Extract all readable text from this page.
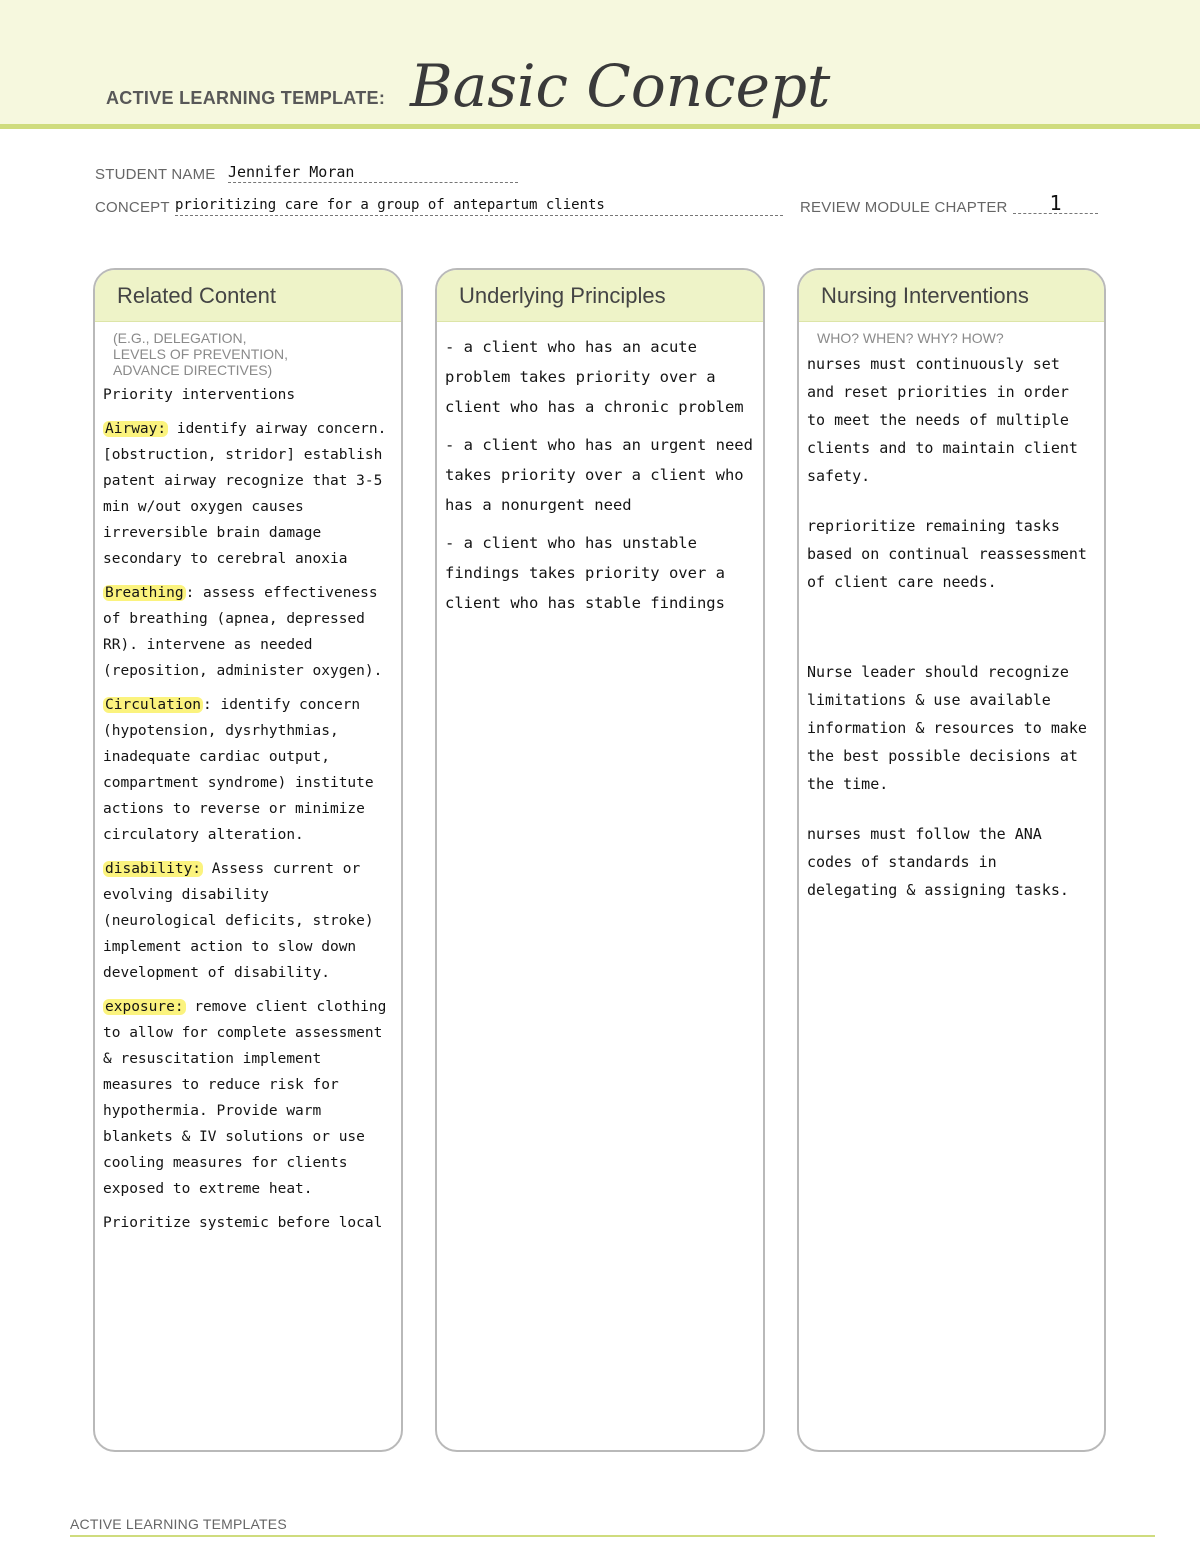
ACTIVE LEARNING TEMPLATE: Basic Concept
STUDENT NAME Jennifer Moran
CONCEPT prioritizing care for a group of antepartum clients	REVIEW MODULE CHAPTER	1
Related Content
(E.G., DELEGATION,
LEVELS OF PREVENTION,
ADVANCE DIRECTIVES)

Priority interventions

Airway: identify airway concern. [obstruction, stridor] establish patent airway recognize that 3-5 min w/out oxygen causes irreversible brain damage secondary to cerebral anoxia

Breathing : assess effectiveness of breathing (apnea, depressed RR). intervene as needed (reposition, administer oxygen).

Circulation : identify concern (hypotension, dysrhythmias, inadequate cardiac output, compartment syndrome) institute actions to reverse or minimize circulatory alteration.

disability: Assess current or evolving disability (neurological deficits, stroke) implement action to slow down development of disability.

exposure: remove client clothing to allow for complete assessment & resuscitation implement measures to reduce risk for hypothermia. Provide warm blankets & IV solutions or use cooling measures for clients exposed to extreme heat.

Prioritize systemic before local

Underlying Principles

- a client who has an acute problem takes priority over a client who has a chronic problem

- a client who has an urgent need takes priority over a client who has a nonurgent need

- a client who has unstable findings takes priority over a client who has stable findings

Nursing Interventions
WHO? WHEN? WHY? HOW?

nurses must continuously set and reset priorities in order to meet the needs of multiple clients and to maintain client safety.

reprioritize remaining tasks based on continual reassessment of client care needs.

Nurse leader should recognize limitations & use available information & resources to make the best possible decisions at the time.

nurses must follow the ANA codes of standards in delegating & assigning tasks.

ACTIVE LEARNING TEMPLATES
